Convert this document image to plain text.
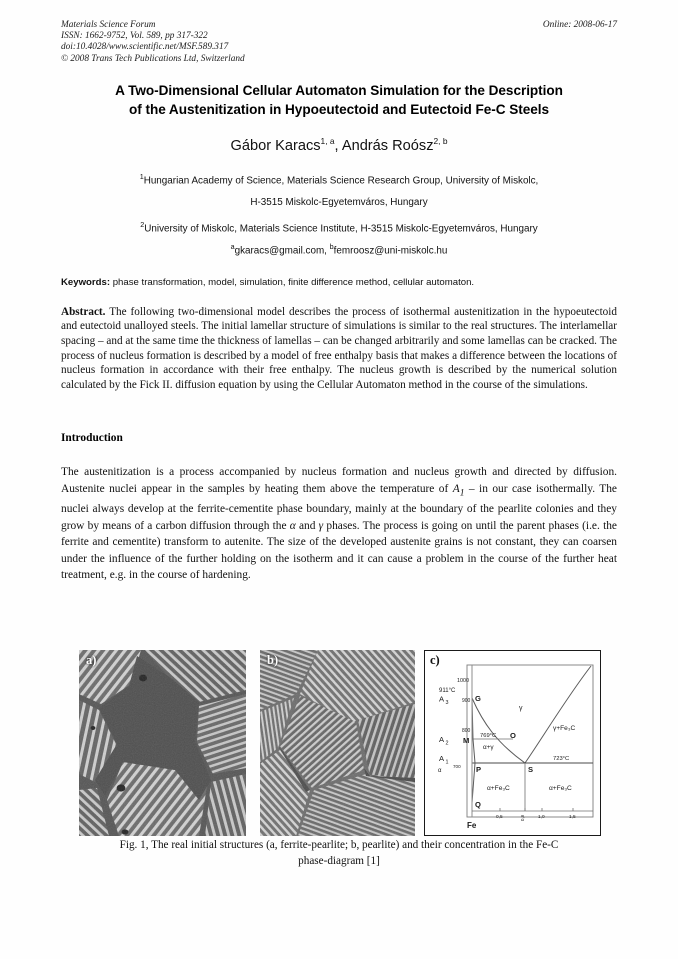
Materials Science Forum
ISSN: 1662-9752, Vol. 589, pp 317-322
doi:10.4028/www.scientific.net/MSF.589.317
© 2008 Trans Tech Publications Ltd, Switzerland
Online: 2008-06-17
A Two-Dimensional Cellular Automaton Simulation for the Description
of the Austenitization in Hypoeutectoid and Eutectoid Fe-C Steels
Gábor Karacs$^{1, a}$, András Roósz$^{2, b}$
$^1$Hungarian Academy of Science, Materials Science Research Group, University of Miskolc,
H-3515 Miskolc-Egyetemváros, Hungary
$^2$University of Miskolc, Materials Science Institute, H-3515 Miskolc-Egyetemváros, Hungary
$^a$gkaracs@gmail.com, $^b$femroosz@uni-miskolc.hu
Keywords: phase transformation, model, simulation, finite difference method, cellular automaton.
Abstract. The following two-dimensional model describes the process of isothermal austenitization in the hypoeutectoid and eutectoid unalloyed steels. The initial lamellar structure of simulations is similar to the real structures. The interlamellar spacing – and at the same time the thickness of lamellas – can be changed arbitrarily and some lamellas can be cracked. The process of nucleus formation is described by a model of free enthalpy basis that makes a difference between the locations of nucleus formation in accordance with their free enthalpy. The nucleus growth is described by the numerical solution calculated by the Fick II. diffusion equation by using the Cellular Automaton method in the course of the simulations.
Introduction
The austenitization is a process accompanied by nucleus formation and nucleus growth and directed by diffusion. Austenite nuclei appear in the samples by heating them above the temperature of $A_1$ – in our case isothermally. The nuclei always develop at the ferrite-cementite phase boundary, mainly at the boundary of the pearlite colonies and they grow by means of a carbon diffusion through the α and γ phases. The process is going on until the parent phases (i.e. the ferrite and cementite) transform to autenite. The size of the developed austenite grains is not constant, they can coarsen under the influence of the further holding on the isotherm and it can cause a problem in the course of the further heat treatment, e.g. in the course of hardening.
a)	b)	c)
1000
900
800
700
911°C
A 3
A 2
A 1
α
G
M
O
P	S
Q
769°C
723°C
γ
α+γ
γ+Fe₃C
α+Fe₃C	α+Fe₃C
0,5	1,0	1,5
0,8
Fe
Fig. 1, The real initial structures (a, ferrite-pearlite; b, pearlite) and their concentration in the Fe-C
phase-diagram [1]
